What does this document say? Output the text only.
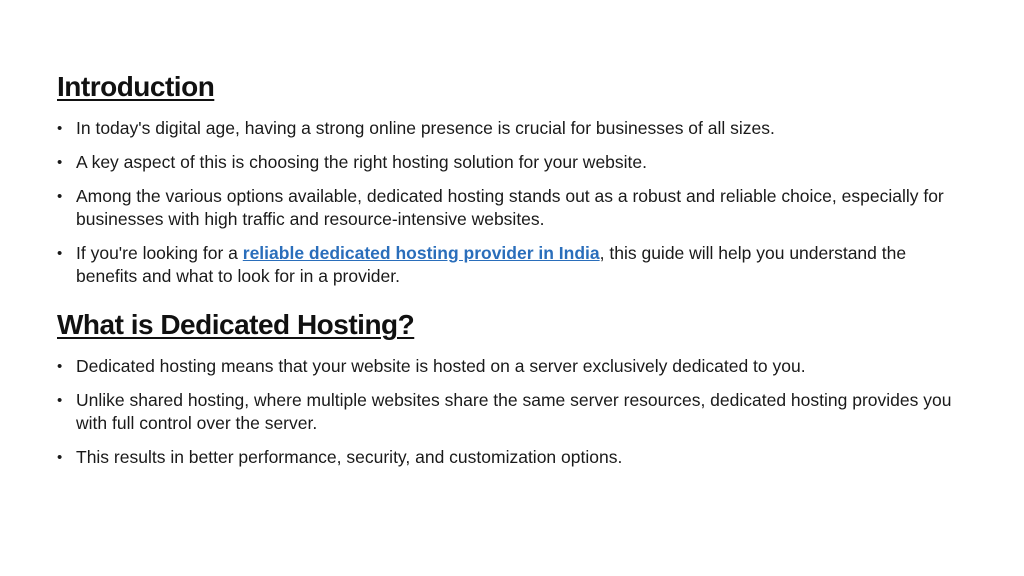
Introduction
• In today's digital age, having a strong online presence is crucial for businesses of all sizes.
• A key aspect of this is choosing the right hosting solution for your website.
• Among the various options available, dedicated hosting stands out as a robust and reliable choice, especially for businesses with high traffic and resource-intensive websites.
• If you're looking for a reliable dedicated hosting provider in India, this guide will help you understand the benefits and what to look for in a provider.
What is Dedicated Hosting?
• Dedicated hosting means that your website is hosted on a server exclusively dedicated to you.
• Unlike shared hosting, where multiple websites share the same server resources, dedicated hosting provides you with full control over the server.
• This results in better performance, security, and customization options.
